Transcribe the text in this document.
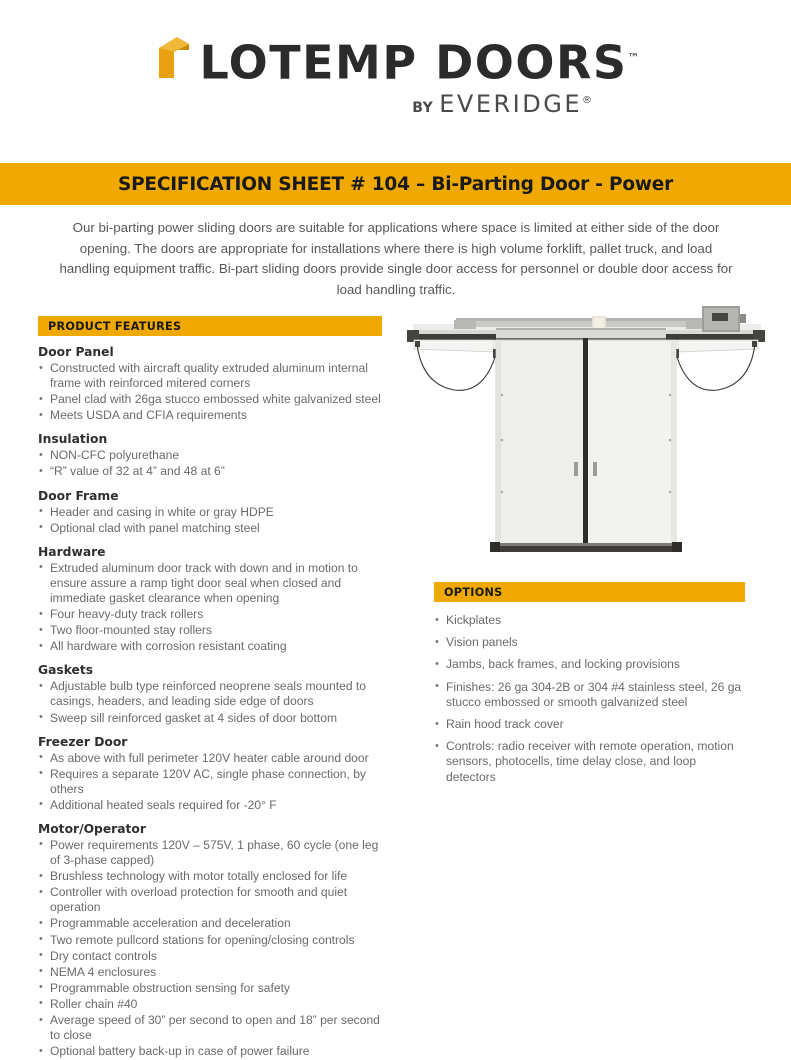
LOTEMP DOORS™
BY EVERIDGE®
SPECIFICATION SHEET # 104 – Bi-Parting Door - Power
Our bi-parting power sliding doors are suitable for applications where space is limited at either side of the door opening. The doors are appropriate for installations where there is high volume forklift, pallet truck, and load handling equipment traffic. Bi-part sliding doors provide single door access for personnel or double door access for load handling traffic.
PRODUCT FEATURES
Door Panel
• Constructed with aircraft quality extruded aluminum internal frame with reinforced mitered corners
• Panel clad with 26ga stucco embossed white galvanized steel
• Meets USDA and CFIA requirements
Insulation
• NON-CFC polyurethane
• “R” value of 32 at 4” and 48 at 6”
Door Frame
• Header and casing in white or gray HDPE
• Optional clad with panel matching steel
Hardware
• Extruded aluminum door track with down and in motion to ensure assure a ramp tight door seal when closed and immediate gasket clearance when opening
• Four heavy-duty track rollers
• Two floor-mounted stay rollers
• All hardware with corrosion resistant coating
Gaskets
• Adjustable bulb type reinforced neoprene seals mounted to casings, headers, and leading side edge of doors
• Sweep sill reinforced gasket at 4 sides of door bottom
Freezer Door
• As above with full perimeter 120V heater cable around door
• Requires a separate 120V AC, single phase connection, by others
• Additional heated seals required for -20° F
Motor/Operator
• Power requirements 120V – 575V, 1 phase, 60 cycle (one leg of 3-phase capped)
• Brushless technology with motor totally enclosed for life
• Controller with overload protection for smooth and quiet operation
• Programmable acceleration and deceleration
• Two remote pullcord stations for opening/closing controls
• Dry contact controls
• NEMA 4 enclosures
• Programmable obstruction sensing for safety
• Roller chain #40
• Average speed of 30” per second to open and 18” per second to close
• Optional battery back-up in case of power failure
OPTIONS
• Kickplates
• Vision panels
• Jambs, back frames, and locking provisions
• Finishes: 26 ga 304-2B or 304 #4 stainless steel, 26 ga stucco embossed or smooth galvanized steel
• Rain hood track cover
• Controls: radio receiver with remote operation, motion sensors, photocells, time delay close, and loop detectors
